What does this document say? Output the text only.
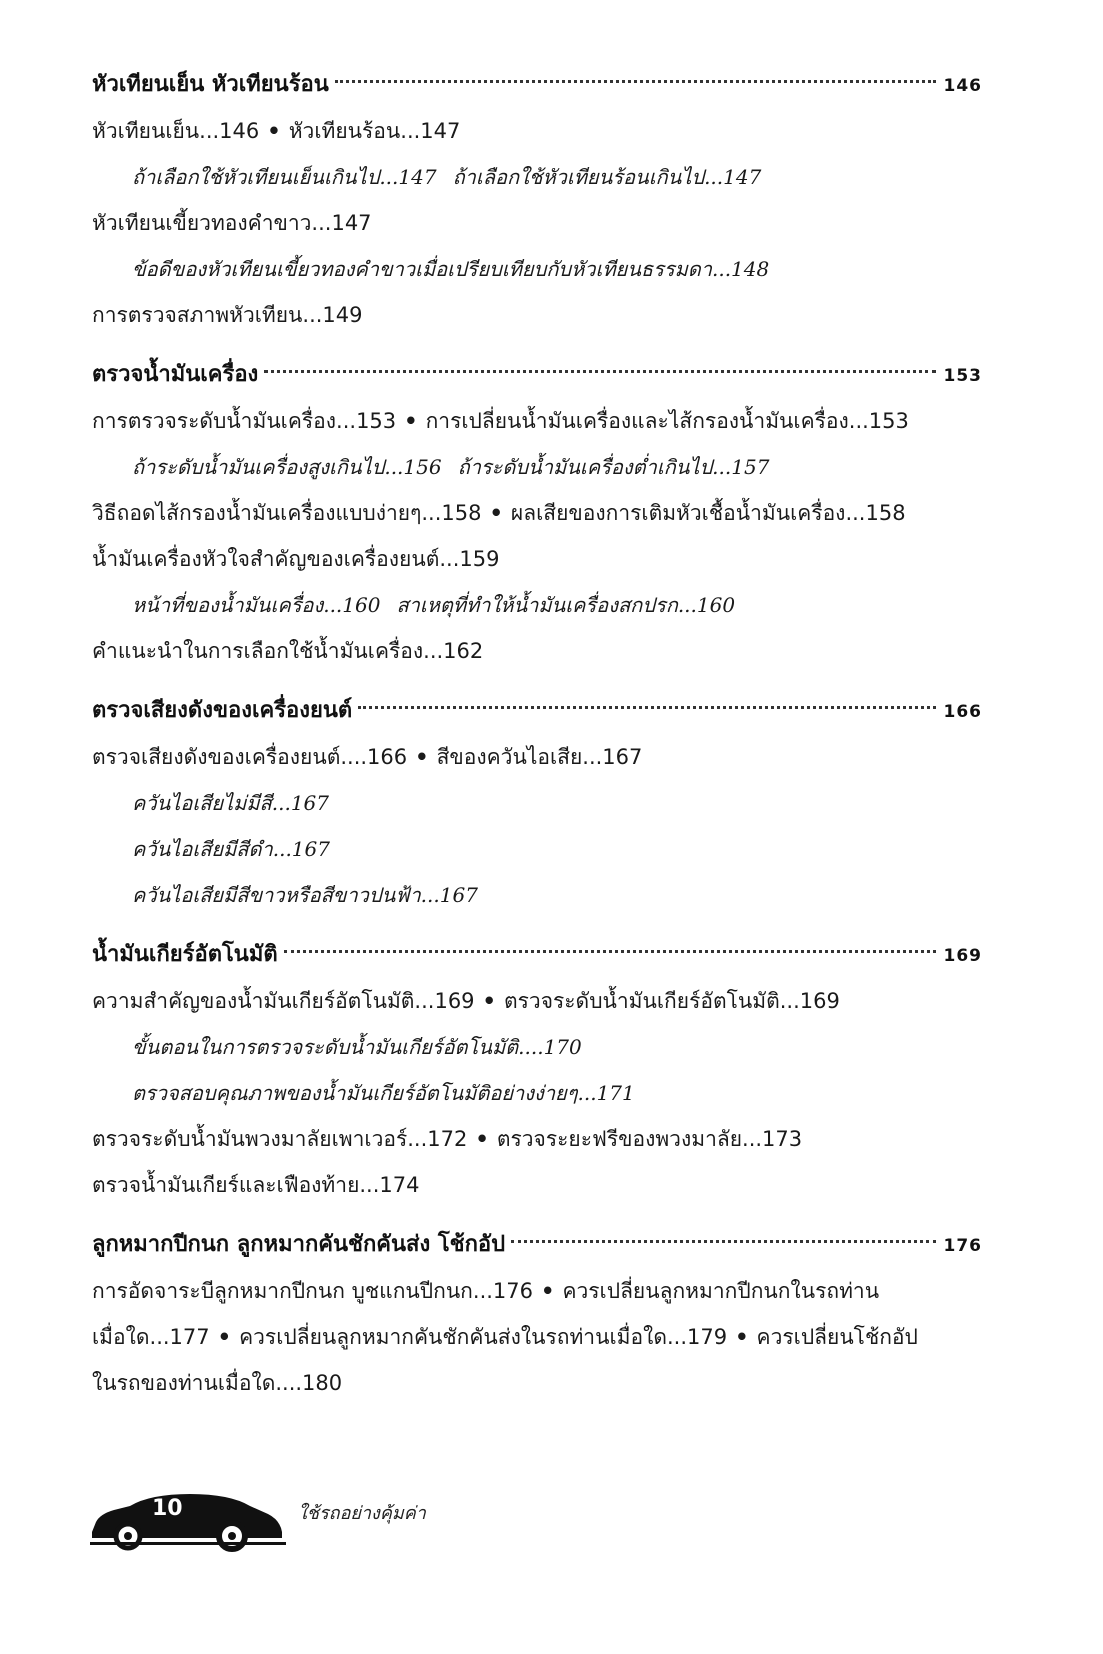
หัวเทียนเย็น หัวเทียนร้อน	146
หัวเทียนเย็น...146 • หัวเทียนร้อน...147
ถ้าเลือกใช้หัวเทียนเย็นเกินไป...147 ถ้าเลือกใช้หัวเทียนร้อนเกินไป...147
หัวเทียนเขี้ยวทองคำขาว...147
ข้อดีของหัวเทียนเขี้ยวทองคำขาวเมื่อเปรียบเทียบกับหัวเทียนธรรมดา...148
การตรวจสภาพหัวเทียน...149
ตรวจน้ำมันเครื่อง	153
การตรวจระดับน้ำมันเครื่อง...153 • การเปลี่ยนน้ำมันเครื่องและไส้กรองน้ำมันเครื่อง...153
ถ้าระดับน้ำมันเครื่องสูงเกินไป...156 ถ้าระดับน้ำมันเครื่องต่ำเกินไป...157
วิธีถอดไส้กรองน้ำมันเครื่องแบบง่ายๆ...158 • ผลเสียของการเติมหัวเชื้อน้ำมันเครื่อง...158
น้ำมันเครื่องหัวใจสำคัญของเครื่องยนต์...159
หน้าที่ของน้ำมันเครื่อง...160 สาเหตุที่ทำให้น้ำมันเครื่องสกปรก...160
คำแนะนำในการเลือกใช้น้ำมันเครื่อง...162
ตรวจเสียงดังของเครื่องยนต์	166
ตรวจเสียงดังของเครื่องยนต์....166 • สีของควันไอเสีย...167
ควันไอเสียไม่มีสี...167
ควันไอเสียมีสีดำ...167
ควันไอเสียมีสีขาวหรือสีขาวปนฟ้า...167
น้ำมันเกียร์อัตโนมัติ	169
ความสำคัญของน้ำมันเกียร์อัตโนมัติ...169 • ตรวจระดับน้ำมันเกียร์อัตโนมัติ...169
ขั้นตอนในการตรวจระดับน้ำมันเกียร์อัตโนมัติ....170
ตรวจสอบคุณภาพของน้ำมันเกียร์อัตโนมัติอย่างง่ายๆ...171
ตรวจระดับน้ำมันพวงมาลัยเพาเวอร์...172 • ตรวจระยะฟรีของพวงมาลัย...173
ตรวจน้ำมันเกียร์และเฟืองท้าย...174
ลูกหมากปีกนก ลูกหมากคันชักคันส่ง โช้กอัป	176
การอัดจาระบีลูกหมากปีกนก บูชแกนปีกนก...176 • ควรเปลี่ยนลูกหมากปีกนกในรถท่าน
เมื่อใด...177 • ควรเปลี่ยนลูกหมากคันชักคันส่งในรถท่านเมื่อใด...179 • ควรเปลี่ยนโช้กอัป
ในรถของท่านเมื่อใด....180
10	ใช้รถอย่างคุ้มค่า
